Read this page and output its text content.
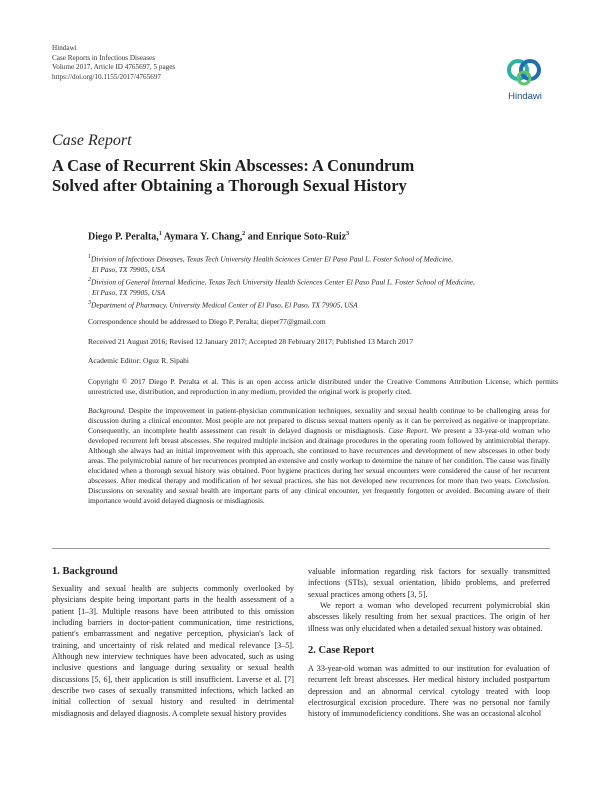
Hindawi
Case Reports in Infectious Diseases
Volume 2017, Article ID 4765697, 5 pages
https://doi.org/10.1155/2017/4765697
Hindawi
Case Report
A Case of Recurrent Skin Abscesses: A Conundrum
Solved after Obtaining a Thorough Sexual History
Diego P. Peralta,$^1$ Aymara Y. Chang,$^2$ and Enrique Soto-Ruiz$^3$
$^1$Division of Infectious Diseases, Texas Tech University Health Sciences Center El Paso Paul L. Foster School of Medicine,
El Paso, TX 79905, USA
$^2$Division of General Internal Medicine, Texas Tech University Health Sciences Center El Paso Paul L. Foster School of Medicine,
El Paso, TX 79905, USA
$^3$Department of Pharmacy, University Medical Center of El Paso, El Paso, TX 79905, USA
Correspondence should be addressed to Diego P. Peralta; dieper77@gmail.com
Received 21 August 2016; Revised 12 January 2017; Accepted 28 February 2017; Published 13 March 2017
Academic Editor: Oguz R. Sipahi
Copyright © 2017 Diego P. Peralta et al. This is an open access article distributed under the Creative Commons Attribution License, which permits unrestricted use, distribution, and reproduction in any medium, provided the original work is properly cited.
Background. Despite the improvement in patient-physician communication techniques, sexuality and sexual health continue to be challenging areas for discussion during a clinical encounter. Most people are not prepared to discuss sexual matters openly as it can be perceived as negative or inappropriate. Consequently, an incomplete health assessment can result in delayed diagnosis or misdiagnosis. Case Report. We present a 33-year-old woman who developed recurrent left breast abscesses. She required multiple incision and drainage procedures in the operating room followed by antimicrobial therapy. Although she always had an initial improvement with this approach, she continued to have recurrences and development of new abscesses in other body areas. The polymicrobial nature of her recurrences prompted an extensive and costly workup to determine the nature of her condition. The cause was finally elucidated when a thorough sexual history was obtained. Poor hygiene practices during her sexual encounters were considered the cause of her recurrent abscesses. After medical therapy and modification of her sexual practices, she has not developed new recurrences for more than two years. Conclusion. Discussions on sexuality and sexual health are important parts of any clinical encounter, yet frequently forgotten or avoided. Becoming aware of their importance would avoid delayed diagnosis or misdiagnosis.
1. Background

Sexuality and sexual health are subjects commonly overlooked by physicians despite being important parts in the health assessment of a patient [1–3]. Multiple reasons have been attributed to this omission including barriers in doctor-patient communication, time restrictions, patient's embarrassment and negative perception, physician's lack of training, and uncertainty of risk related and medical relevance [3–5]. Although new interview techniques have been advocated, such as using inclusive questions and language during sexuality or sexual health discussions [5, 6], their application is still insufficient. Laverse et al. [7] describe two cases of sexually transmitted infections, which lacked an initial collection of sexual history and resulted in detrimental misdiagnosis and delayed diagnosis. A complete sexual history provides

valuable information regarding risk factors for sexually transmitted infections (STIs), sexual orientation, libido problems, and preferred sexual practices among others [3, 5].

We report a woman who developed recurrent polymicrobial skin abscesses likely resulting from her sexual practices. The origin of her illness was only elucidated when a detailed sexual history was obtained.

2. Case Report

A 33-year-old woman was admitted to our institution for evaluation of recurrent left breast abscesses. Her medical history included postpartum depression and an abnormal cervical cytology treated with loop electrosurgical excision procedure. There was no personal nor family history of immunodeficiency conditions. She was an occasional alcohol
